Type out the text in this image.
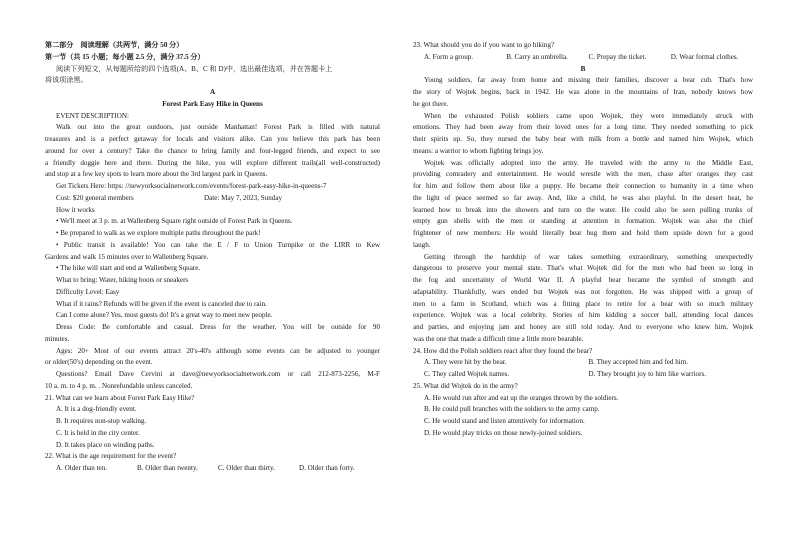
第二部分　阅读理解（共两节，满分 50 分）
第一节（共 15 小题；每小题 2.5 分，满分 37.5 分）
阅读下列短文，从每题所给的四个选项(A、B、C 和 D)中，选出最佳选项，并在答题卡上
将该项涂黑。
A
Forest Park Easy Hike in Queens
EVENT DESCRIPTION:
Walk out into the great outdoors, just outside Manhattan! Forest Park is filled with natural
treasures and is a perfect getaway for locals and visitors alike. Can you believe this park has been
around for over a century? Take the chance to bring family and four-legged friends, and expect to see
a friendly doggie here and there. During the hike, you will explore different trails(all well-constructed)
and stop at a few key spots to learn more about the 3rd largest park in Queens.
Get Tickets Here: https: //newyorksocialnetwork.com/events/forest-park-easy-hike-in-queens-7
Cost: $20 general members	Date: May 7, 2023, Sunday
How it works
• We'll meet at 3 p. m. at Wallenberg Square right outside of Forest Park in Queens.
• Be prepared to walk as we explore multiple paths throughout the park!
• Public transit is available! You can take the E / F to Union Turnpike or the LIRR to Kew
Gardens and walk 15 minutes over to Wallenberg Square.
• The hike will start and end at Wallenberg Square.
What to bring: Water, hiking boots or sneakers
Difficulty Level: Easy
What if it rains? Refunds will be given if the event is canceled due to rain.
Can I come alone? Yes, most guests do! It's a great way to meet new people.
Dress Code: Be comfortable and casual. Dress for the weather. You will be outside for 90
minutes.
Ages: 20+ Most of our events attract 20's-40's although some events can be adjusted to younger
or older(50's) depending on the event.
Questions? Email Dave Cervini at dave@newyorksocialnetwork.com or call 212-873-2256, M-F
10 a. m. to 4 p. m. . Nonrefundable unless canceled.
21. What can we learn about Forest Park Easy Hike?
A. It is a dog-friendly event.
B. It requires non-stop walking.
C. It is held in the city center.
D. It takes place on winding paths.
22. What is the age requirement for the event?
A. Older than ten.	B. Older than twenty.	C. Older than thirty.	D. Older than forty.
23. What should you do if you want to go hiking?
A. Form a group.	B. Carry an umbrella.	C. Prepay the ticket.	D. Wear formal clothes.
B
Young soldiers, far away from home and missing their families, discover a bear cub. That's how
the story of Wojtek begins, back in 1942. He was alone in the mountains of Iran, nobody knows how
he got there.
When the exhausted Polish soldiers came upon Wojtek, they were immediately struck with
emotions. They had been away from their loved ones for a long time. They needed something to pick
their spirits up. So, they nursed the baby bear with milk from a bottle and named him Wojtek, which
means: a warrior to whom fighting brings joy.
Wojtek was officially adopted into the army. He traveled with the army to the Middle East,
providing comradery and entertainment. He would wrestle with the men, chase after oranges they cast
for him and follow them about like a puppy. He became their connection to humanity in a time when
the light of peace seemed so far away. And, like a child, he was also playful. In the desert heat, he
learned how to break into the showers and turn on the water. He could also be seen pulling trunks of
empty gun shells with the men or standing at attention in formation. Wojtek was also the chief
frightener of new members: He would literally bear hug them and hold them upside down for a good
laugh.
Getting through the hardship of war takes something extraordinary, something unexpectedly
dangerous to preserve your mental state. That's what Wojtek did for the men who had been so long in
the fog and uncertainty of World War II. A playful bear became the symbol of strength and
adaptability. Thankfully, wars ended but Wojtek was not forgotten. He was shipped with a group of
men to a farm in Scotland, which was a fitting place to retire for a bear with so much military
experience. Wojtek was a local celebrity. Stories of him kidding a soccer ball, attending local dances
and parties, and enjoying jam and honey are still told today. And to everyone who knew him, Wojtek
was the one that made a difficult time a little more bearable.
24. How did the Polish soldiers react after they found the bear?
A. They were hit by the bear.	B. They accepted him and fed him.
C. They called Wojtek names.	D. They brought joy to him like warriors.
25. What did Wojtek do in the army?
A. He would run after and eat up the oranges thrown by the soldiers.
B. He could pull branches with the soldiers to the army camp.
C. He would stand and listen attentively for information.
D. He would play tricks on those newly-joined soldiers.
